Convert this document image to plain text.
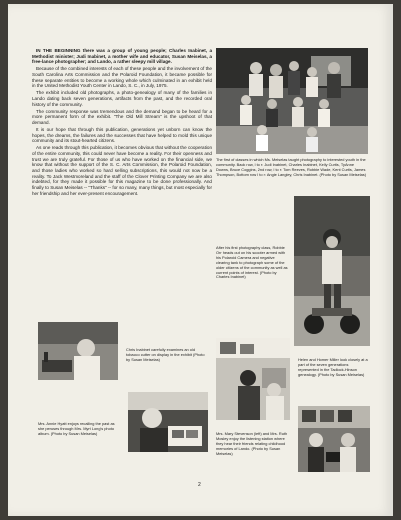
IN THE BEGINNING there was a group of young people; Charles Inabinet, a Methodist minister; Judi Inabinet, a mother wife and educator, Susan Meiselas, a free-lance photographer; and Lando, a rather sleepy mill village.

Because of the combined interests of each of these people and the involvement of the South Carolina Arts Commission and the Polaroid Foundation, it became possible for these separate entities to become a working whole which culminated in an exhibit held in the United Methodist Youth Center in Lando, S. C., in July, 1975.

The exhibit included old photographs, a photo-genealogy of many of the families in Lando dating back seven generations, artifacts from the past, and the recorded oral history of the community.

The community response was tremendous and the demand began to be heard for a more permanent form of the exhibit. "The Old Mill Stream" is the upshoot of that demand.

It is our hope that through this publication, generations yet unborn can know the hopes, the dreams, the failures and the successes that have helped to mold this unique community and its stout-hearted citizens.

As one reads through this publication, it becomes obvious that without the cooperation of the entire community, this could never have become a reality. For their openness and trust we are truly grateful. For those of us who have worked on the financial side, we know that without the support of the S. C. Arts Commission, the Polaroid Foundation, and those ladies who worked so hard selling subscriptions, this would not now be a reality. To Jack Westmoreland and the staff of the Clover Printing Company we are also indebted, for they made it possible for this magazine to be done professionally. And finally to Susan Meiselas -- "Thanks" -- for so many, many things, but most especially for her friendship and her ever-present encouragement.

The first of classes in which Ms. Meiselas taught photography to interested youth in the community. Back row, l to r: Judi Inabinet, Charles Inabinet, Kelly Curtis, TyAnne Downs, Bruce Coggins, 2nd row, l to r: Tom Reeves, Robbie Wade, Kent Curtis, James Thompson, Bottom row l to r: Angie Langley, Chris Inabinet. (Photo by Susan Meiselas)
After his first photography class, Robbie Orr heads out on his scooter armed with his Polaroid Camera and negative clearing tank to photograph some of the older citizens of the community as well as current points of interest. (Photo by Charles Inabinet)
Chris Inabinet carefully examines an old tobacco cutter on display in the exhibit (Photo by Susan Meiselas)	Helen and Homer Miller look closely at a part of the seven generations represented in the Tadlock-Hinson genealogy. (Photo by Susan Meiselas)
Mrs. Annie Hyatt enjoys recalling the past as she peruses through Mrs. Myrt Long's photo album. (Photo by Susan Meiselas)	Mrs. Mary Stevenson (left) and Mrs. Ruth Mosley enjoy the listening station where they hear their friends relating childhood memories of Lando. (Photo by Susan Meiselas)
2
